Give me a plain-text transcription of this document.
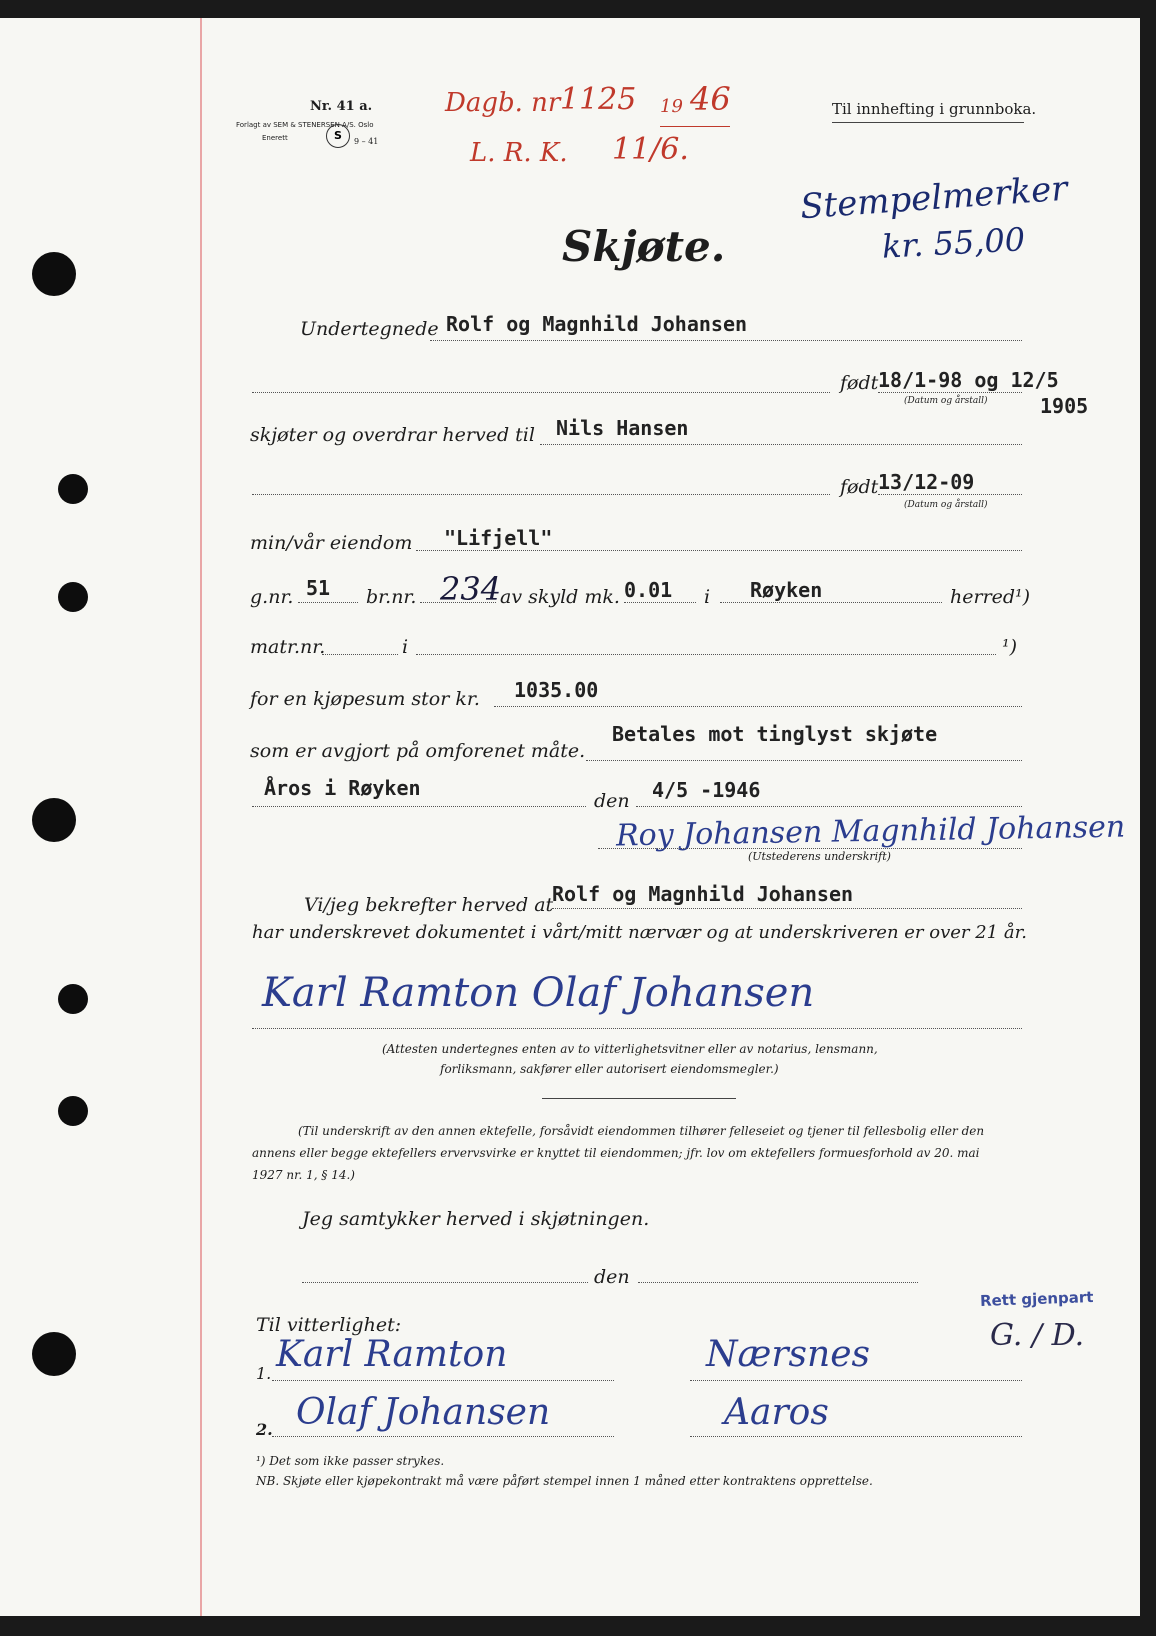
Nr. 41 a.
Forlagt av SEM & STENERSEN A/S. Oslo
Enerett	S	9 – 41
Dagb. nr 1125 19 46
L. R. K. 11/6.
Til innhefting i grunnboka.
Stempelmerker
kr. 55,00
Skjøte.
Undertegnede Rolf og Magnhild Johansen
født 18/1-98 og 12/5
(Datum og årstall)	1905
skjøter og overdrar herved til Nils Hansen
født 13/12-09
(Datum og årstall)
min/vår eiendom "Lifjell"
g.nr. 51 br.nr. 234
av skyld mk. 0.01 i Røyken	herred¹)
matr.nr.	i	¹)
for en kjøpesum stor kr. 1035.00
Betales mot tinglyst skjøte
som er avgjort på omforenet måte.
Åros i Røyken
den 4/5 -1946
Roy Johansen Magnhild Johansen
(Utstederens underskrift)
Vi/jeg bekrefter herved at
Rolf og Magnhild Johansen
har underskrevet dokumentet i vårt/mitt nærvær og at underskriveren er over 21 år.
Karl Ramton Olaf Johansen
(Attesten undertegnes enten av to vitterlighetsvitner eller av notarius, lensmann,
forliksmann, sakfører eller autorisert eiendomsmegler.)
(Til underskrift av den annen ektefelle, forsåvidt eiendommen tilhører felleseiet og tjener til fellesbolig eller den
annens eller begge ektefellers ervervsvirke er knyttet til eiendommen; jfr. lov om ektefellers formuesforhold av 20. mai
1927 nr. 1, § 14.)
Jeg samtykker herved i skjøtningen.
den
Til vitterlighet:
Rett gjenpart
G. / D.
1. Karl Ramton	Nærsnes
2. Olaf Johansen	Aaros
¹) Det som ikke passer strykes.
NB. Skjøte eller kjøpekontrakt må være påført stempel innen 1 måned etter kontraktens opprettelse.
